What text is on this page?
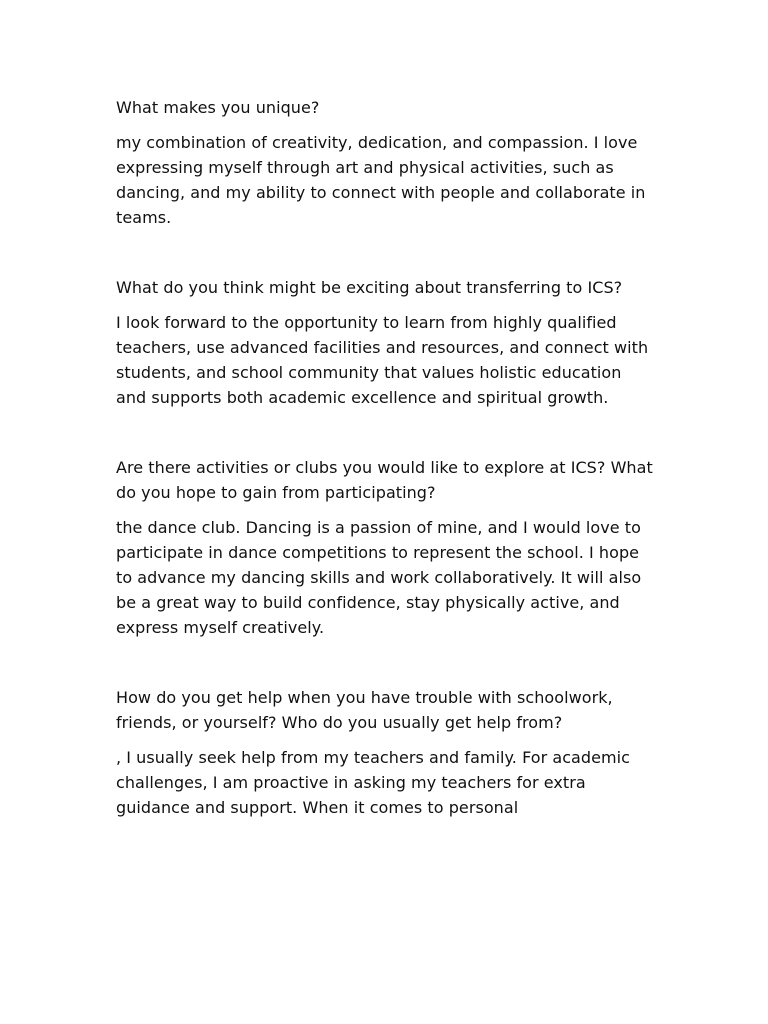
What makes you unique?

my combination of creativity, dedication, and compassion. I love expressing myself through art and physical activities, such as dancing, and my ability to connect with people and collaborate in teams.

What do you think might be exciting about transferring to ICS?

I look forward to the opportunity to learn from highly qualified teachers, use advanced facilities and resources, and connect with students, and school community that values holistic education and supports both academic excellence and spiritual growth.

Are there activities or clubs you would like to explore at ICS? What do you hope to gain from participating?

the dance club. Dancing is a passion of mine, and I would love to participate in dance competitions to represent the school. I hope to advance my dancing skills and work collaboratively. It will also be a great way to build confidence, stay physically active, and express myself creatively.

How do you get help when you have trouble with schoolwork, friends, or yourself? Who do you usually get help from?

, I usually seek help from my teachers and family. For academic challenges, I am proactive in asking my teachers for extra guidance and support. When it comes to personal
